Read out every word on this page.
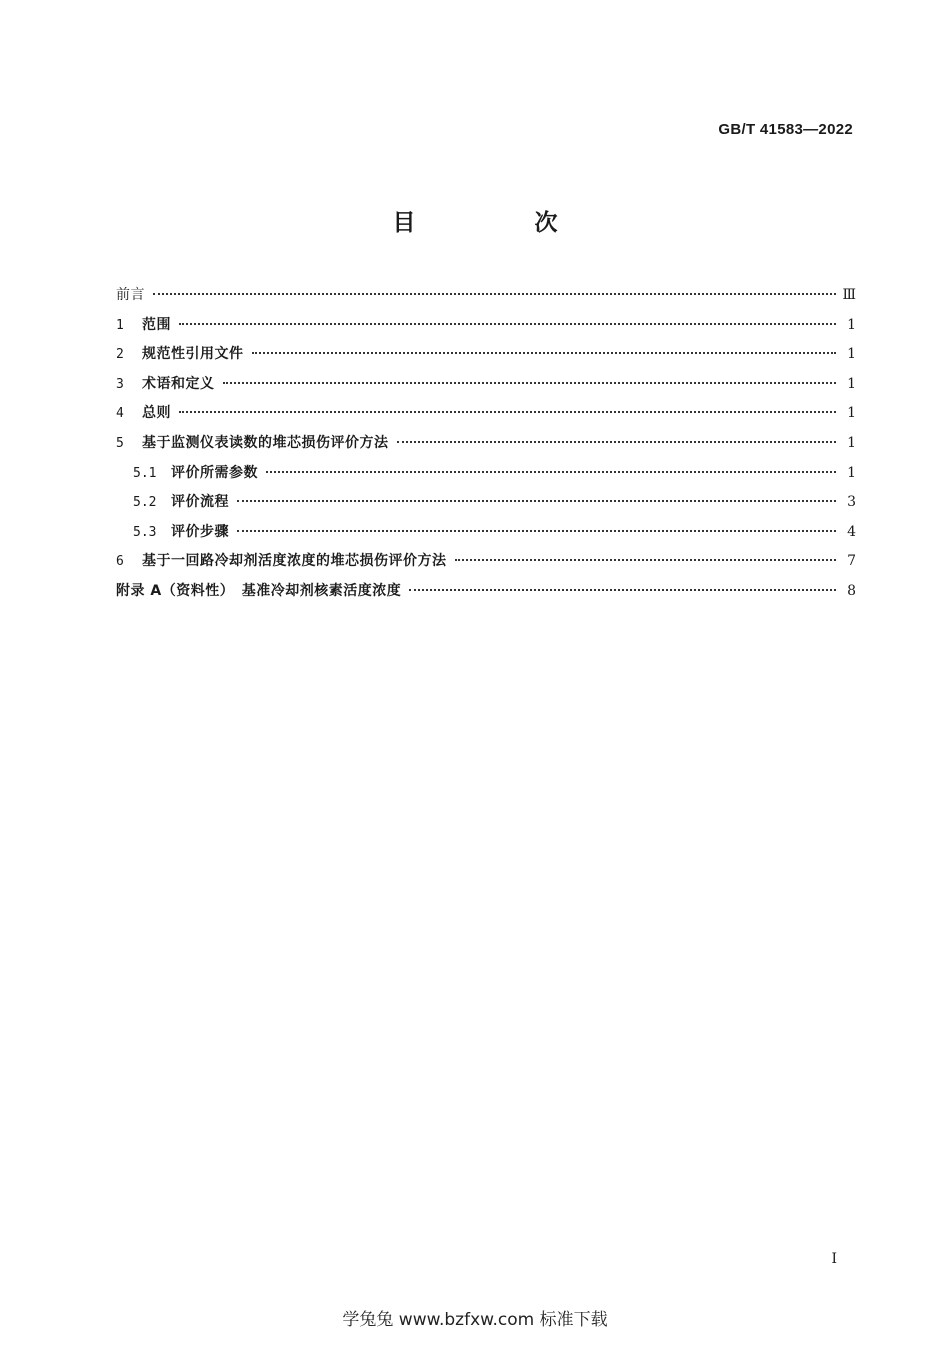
GB/T 41583—2022
目　次
前言	Ⅲ
1	范围	1
2	规范性引用文件	1
3	术语和定义	1
4	总则	1
5	基于监测仪表读数的堆芯损伤评价方法	1
5.1	评价所需参数	1
5.2	评价流程	3
5.3	评价步骤	4
6	基于一回路冷却剂活度浓度的堆芯损伤评价方法	7
附录 A（资料性）　基准冷却剂核素活度浓度	8
I
学兔兔 www.bzfxw.com 标准下载
